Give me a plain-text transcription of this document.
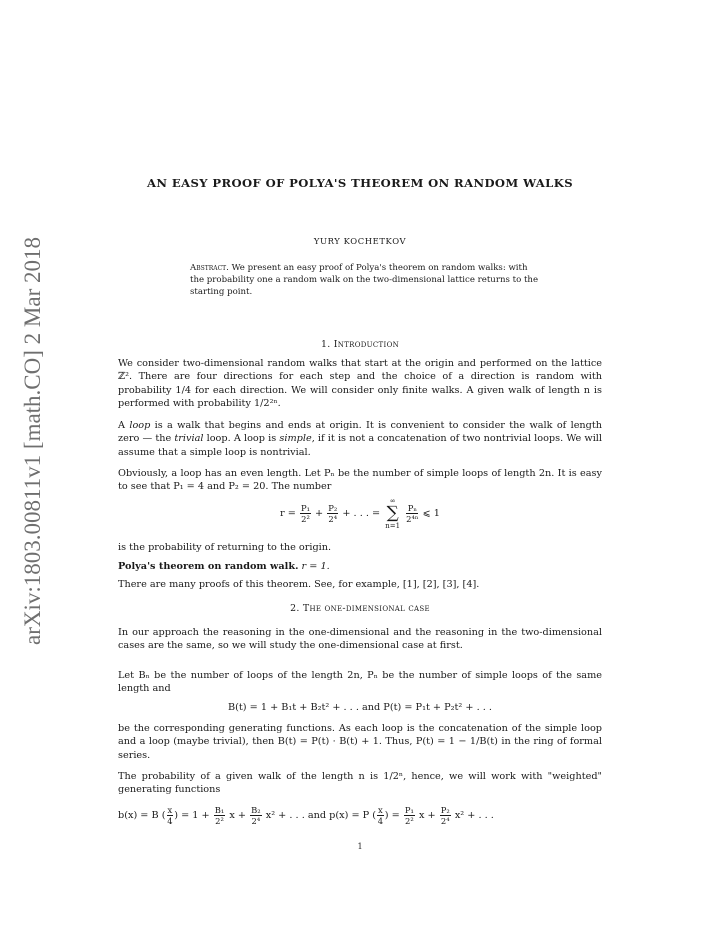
arXiv:1803.00811v1 [math.CO] 2 Mar 2018
AN EASY PROOF OF POLYA'S THEOREM ON RANDOM WALKS
YURY KOCHETKOV
Abstract. We present an easy proof of Polya's theorem on random walks: with the probability one a random walk on the two-dimensional lattice returns to the starting point.
1. Introduction
We consider two-dimensional random walks that start at the origin and performed on the lattice ℤ². There are four directions for each step and the choice of a direction is random with probability 1/4 for each direction. We will consider only finite walks. A given walk of length n is performed with probability 1/2²ⁿ.
A loop is a walk that begins and ends at origin. It is convenient to consider the walk of length zero — the trivial loop. A loop is simple, if it is not a concatenation of two nontrivial loops. We will assume that a simple loop is nontrivial.
Obviously, a loop has an even length. Let Pₙ be the number of simple loops of length 2n. It is easy to see that P₁ = 4 and P₂ = 20. The number
$r = \frac{\text{P₁}}{\text{2²}} + \frac{\text{P₂}}{\text{2⁴}}$ + . . . = ∞
∑
n=1
$\frac{\text{Pₙ}}{\text{2⁴ⁿ}}$ ⩽ 1
is the probability of returning to the origin.
Polya's theorem on random walk. r = 1.
There are many proofs of this theorem. See, for example, [1], [2], [3], [4].
2. The one-dimensional case
In our approach the reasoning in the one-dimensional and the reasoning in the two-dimensional cases are the same, so we will study the one-dimensional case at first.
Let Bₙ be the number of loops of the length 2n, Pₙ be the number of simple loops of the same length and
B(t) = 1 + B₁t + B₂t² + . . . and P(t) = P₁t + P₂t² + . . .
be the corresponding generating functions. As each loop is the concatenation of the simple loop and a loop (maybe trivial), then B(t) = P(t) · B(t) + 1. Thus, P(t) = 1 − 1/B(t) in the ring of formal series.
The probability of a given walk of the length n is 1/2ⁿ, hence, we will work with "weighted" generating functions
b(x) = B ( $\frac{x}{4}$ ) = $1 + \frac{\text{B₁}}{\text{2²}}$ $x + \frac{\text{B₂}}{\text{2⁴}} x^2$ + . . . and p(x) = P ( $\frac{x}{4}$ ) = $\frac{\text{P₁}}{\text{2²}}$ $x + \frac{\text{P₂}}{\text{2⁴}} x^2$ + . . .
1
